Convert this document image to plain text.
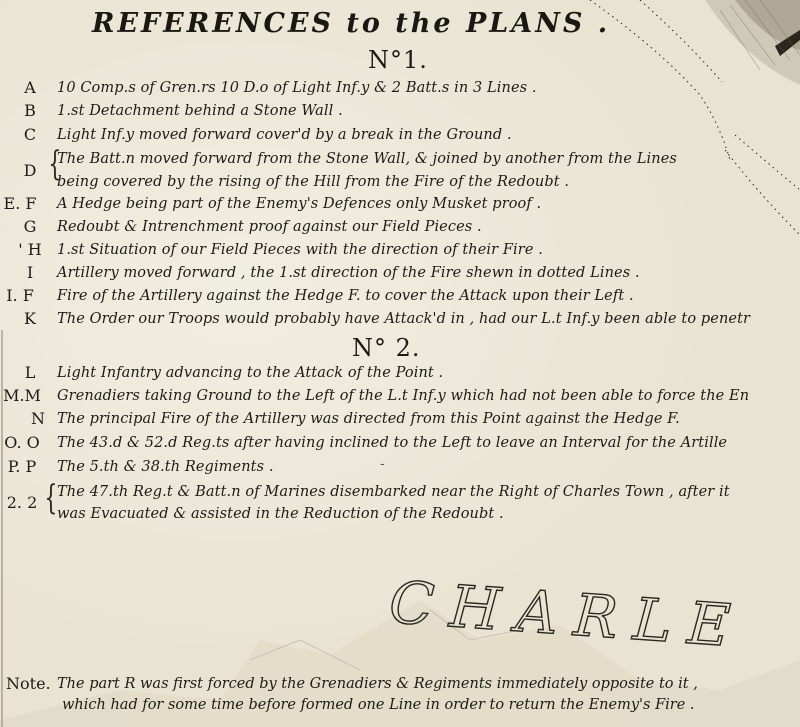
-
REFERENCES to the PLANS .
N°1.
A	10 Comp.s of Gren.rs 10 D.o of Light Inf.y & 2 Batt.s in 3 Lines .
B	1.st Detachment behind a Stone Wall .
C	Light Inf.y moved forward cover'd by a break in the Ground .
D {
The Batt.n moved forward from the Stone Wall, & joined by another from the Lines
being covered by the rising of the Hill from the Fire of the Redoubt .
E. F A Hedge being part of the Enemy's Defences only Musket proof .
G	Redoubt & Intrenchment proof against our Field Pieces .
' H	1.st Situation of our Field Pieces with the direction of their Fire .
I	Artillery moved forward , the 1.st direction of the Fire shewn in dotted Lines .
I. F	Fire of the Artillery against the Hedge F. to cover the Attack upon their Left .
K	The Order our Troops would probably have Attack'd in , had our L.t Inf.y been able to penetr
N° 2.
L	Light Infantry advancing to the Attack of the Point .
M.M Grenadiers taking Ground to the Left of the L.t Inf.y which had not been able to force the En
N The principal Fire of the Artillery was directed from this Point against the Hedge F.
O. O The 43.d & 52.d Reg.ts after having inclined to the Left to leave an Interval for the Artille
P. P	The 5.th & 38.th Regiments .
2. 2 { The 47.th Reg.t & Batt.n of Marines disembarked near the Right of Charles Town , after it
was Evacuated & assisted in the Reduction of the Redoubt .
CHARLE
Note. The part R was first forced by the Grenadiers & Regiments immediately opposite to it ,
which had for some time before formed one Line in order to return the Enemy's Fire .
